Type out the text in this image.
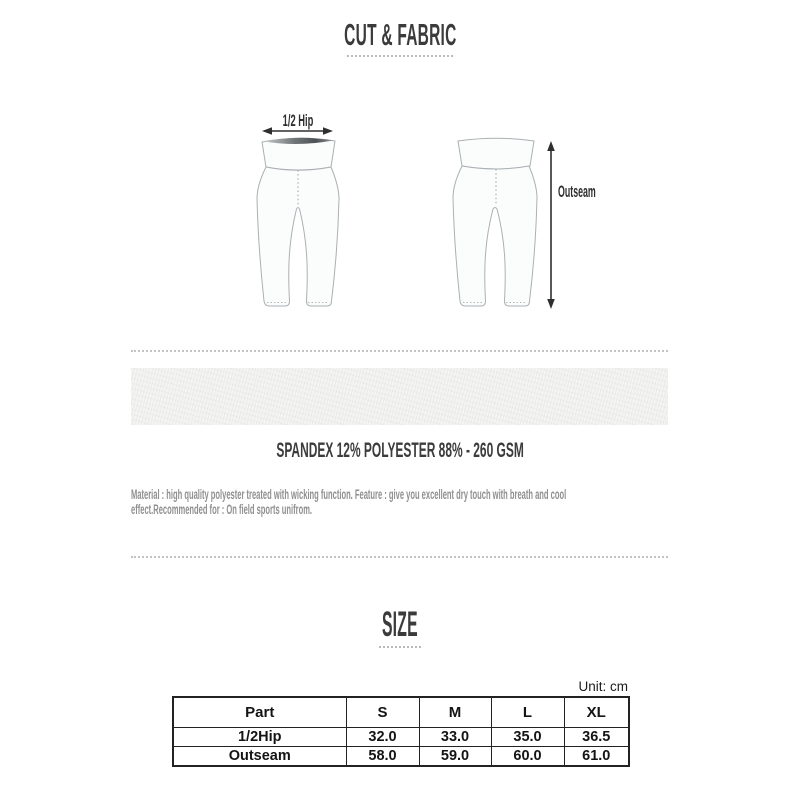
CUT & FABRIC
1/2 Hip
Outseam
SPANDEX 12% POLYESTER 88% - 260 GSM
Material : high quality polyester treated with wicking function. Feature : give you excellent dry touch with breath and cool
effect.Recommended for : On field sports unifrom.
SIZE
Unit: cm
Part	S	M	L	XL
1/2Hip	32.0	33.0	35.0	36.5
Outseam	58.0	59.0	60.0	61.0
